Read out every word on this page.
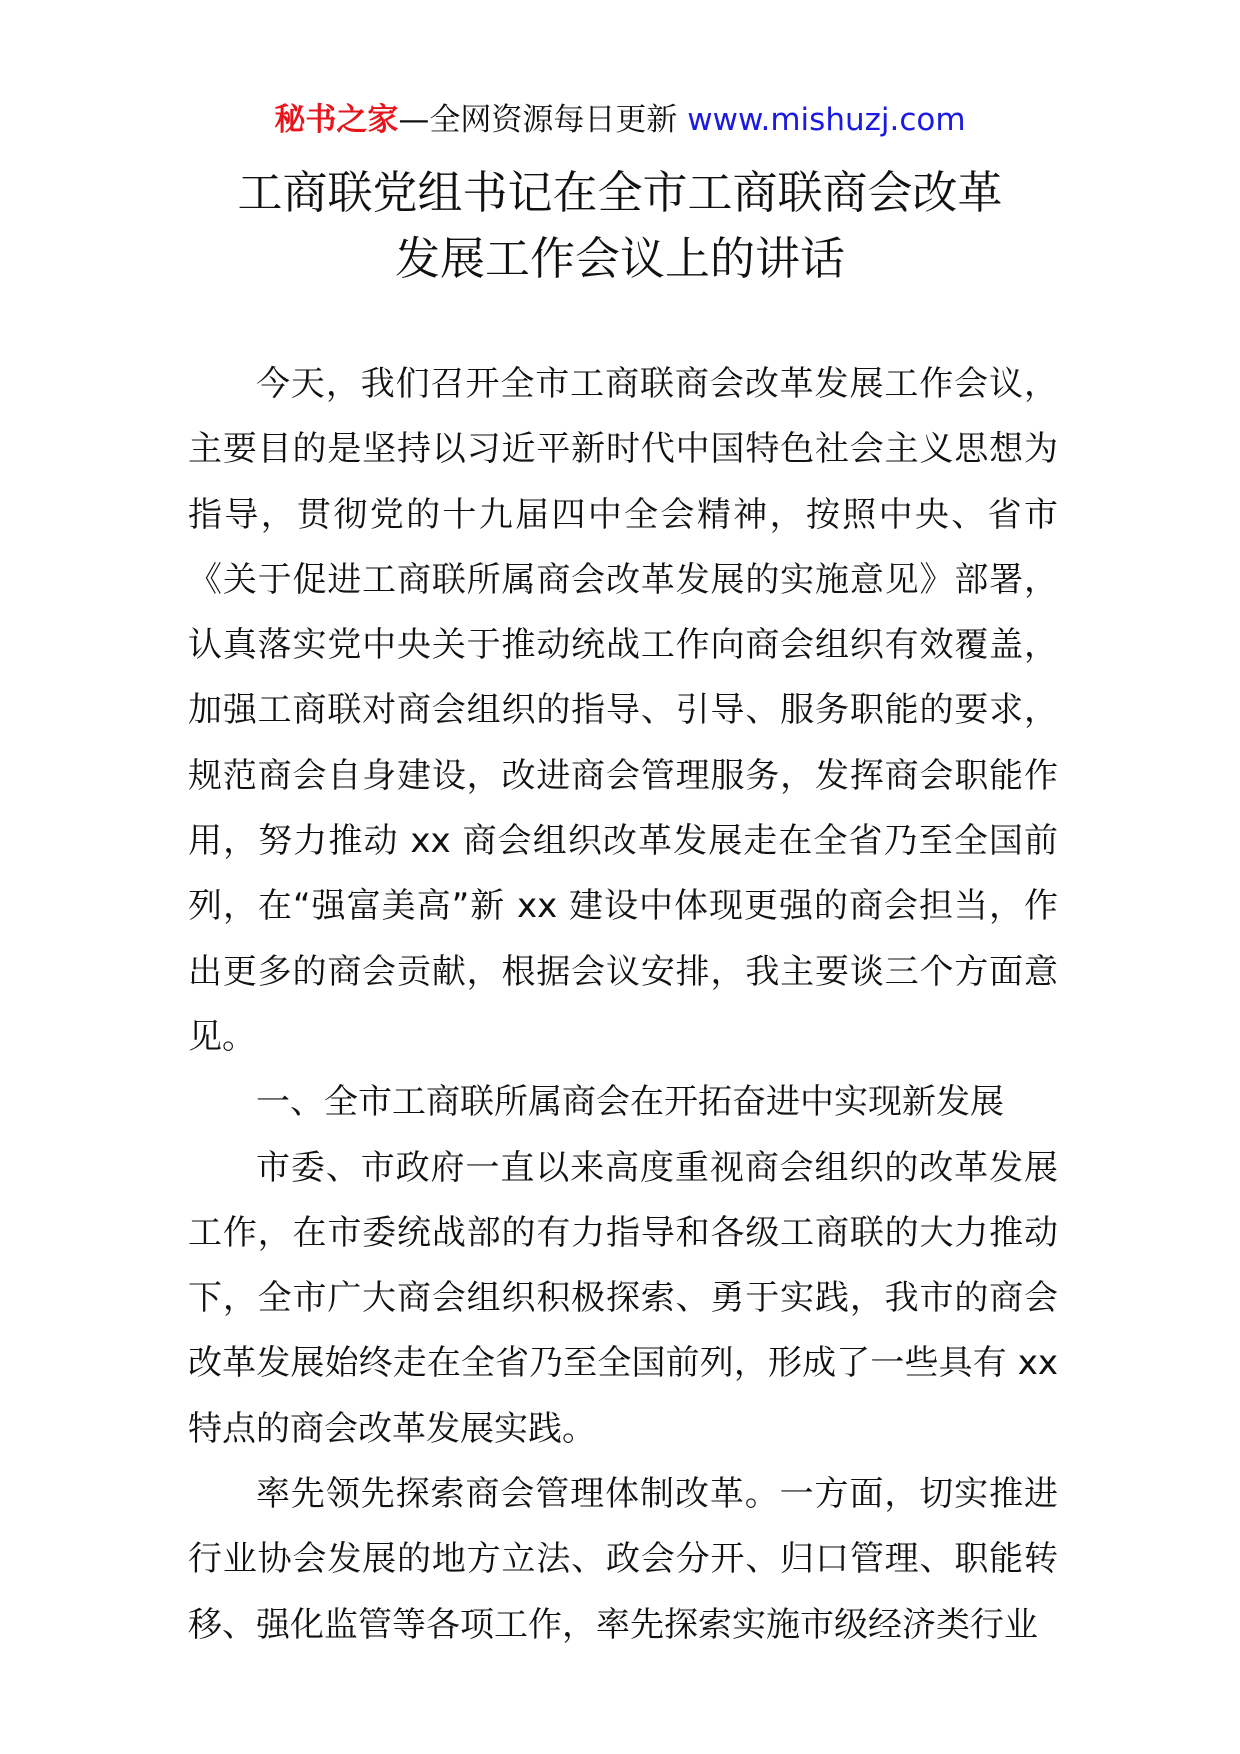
秘书之家—全网资源每日更新 www.mishuzj.com
工商联党组书记在全市工商联商会改革
发展工作会议上的讲话

今天，我们召开全市工商联商会改革发展工作会议，主要目的是坚持以习近平新时代中国特色社会主义思想为指导，贯彻党的十九届四中全会精神，按照中央、省市《关于促进工商联所属商会改革发展的实施意见》部署，认真落实党中央关于推动统战工作向商会组织有效覆盖，加强工商联对商会组织的指导、引导、服务职能的要求，规范商会自身建设，改进商会管理服务，发挥商会职能作用，努力推动 xx 商会组织改革发展走在全省乃至全国前列，在“强富美高”新 xx 建设中体现更强的商会担当，作出更多的商会贡献，根据会议安排，我主要谈三个方面意见。

一、全市工商联所属商会在开拓奋进中实现新发展

市委、市政府一直以来高度重视商会组织的改革发展工作，在市委统战部的有力指导和各级工商联的大力推动下，全市广大商会组织积极探索、勇于实践，我市的商会改革发展始终走在全省乃至全国前列，形成了一些具有 xx 特点的商会改革发展实践。

率先领先探索商会管理体制改革。一方面，切实推进行业协会发展的地方立法、政会分开、归口管理、职能转移、强化监管等各项工作，率先探索实施市级经济类行业
